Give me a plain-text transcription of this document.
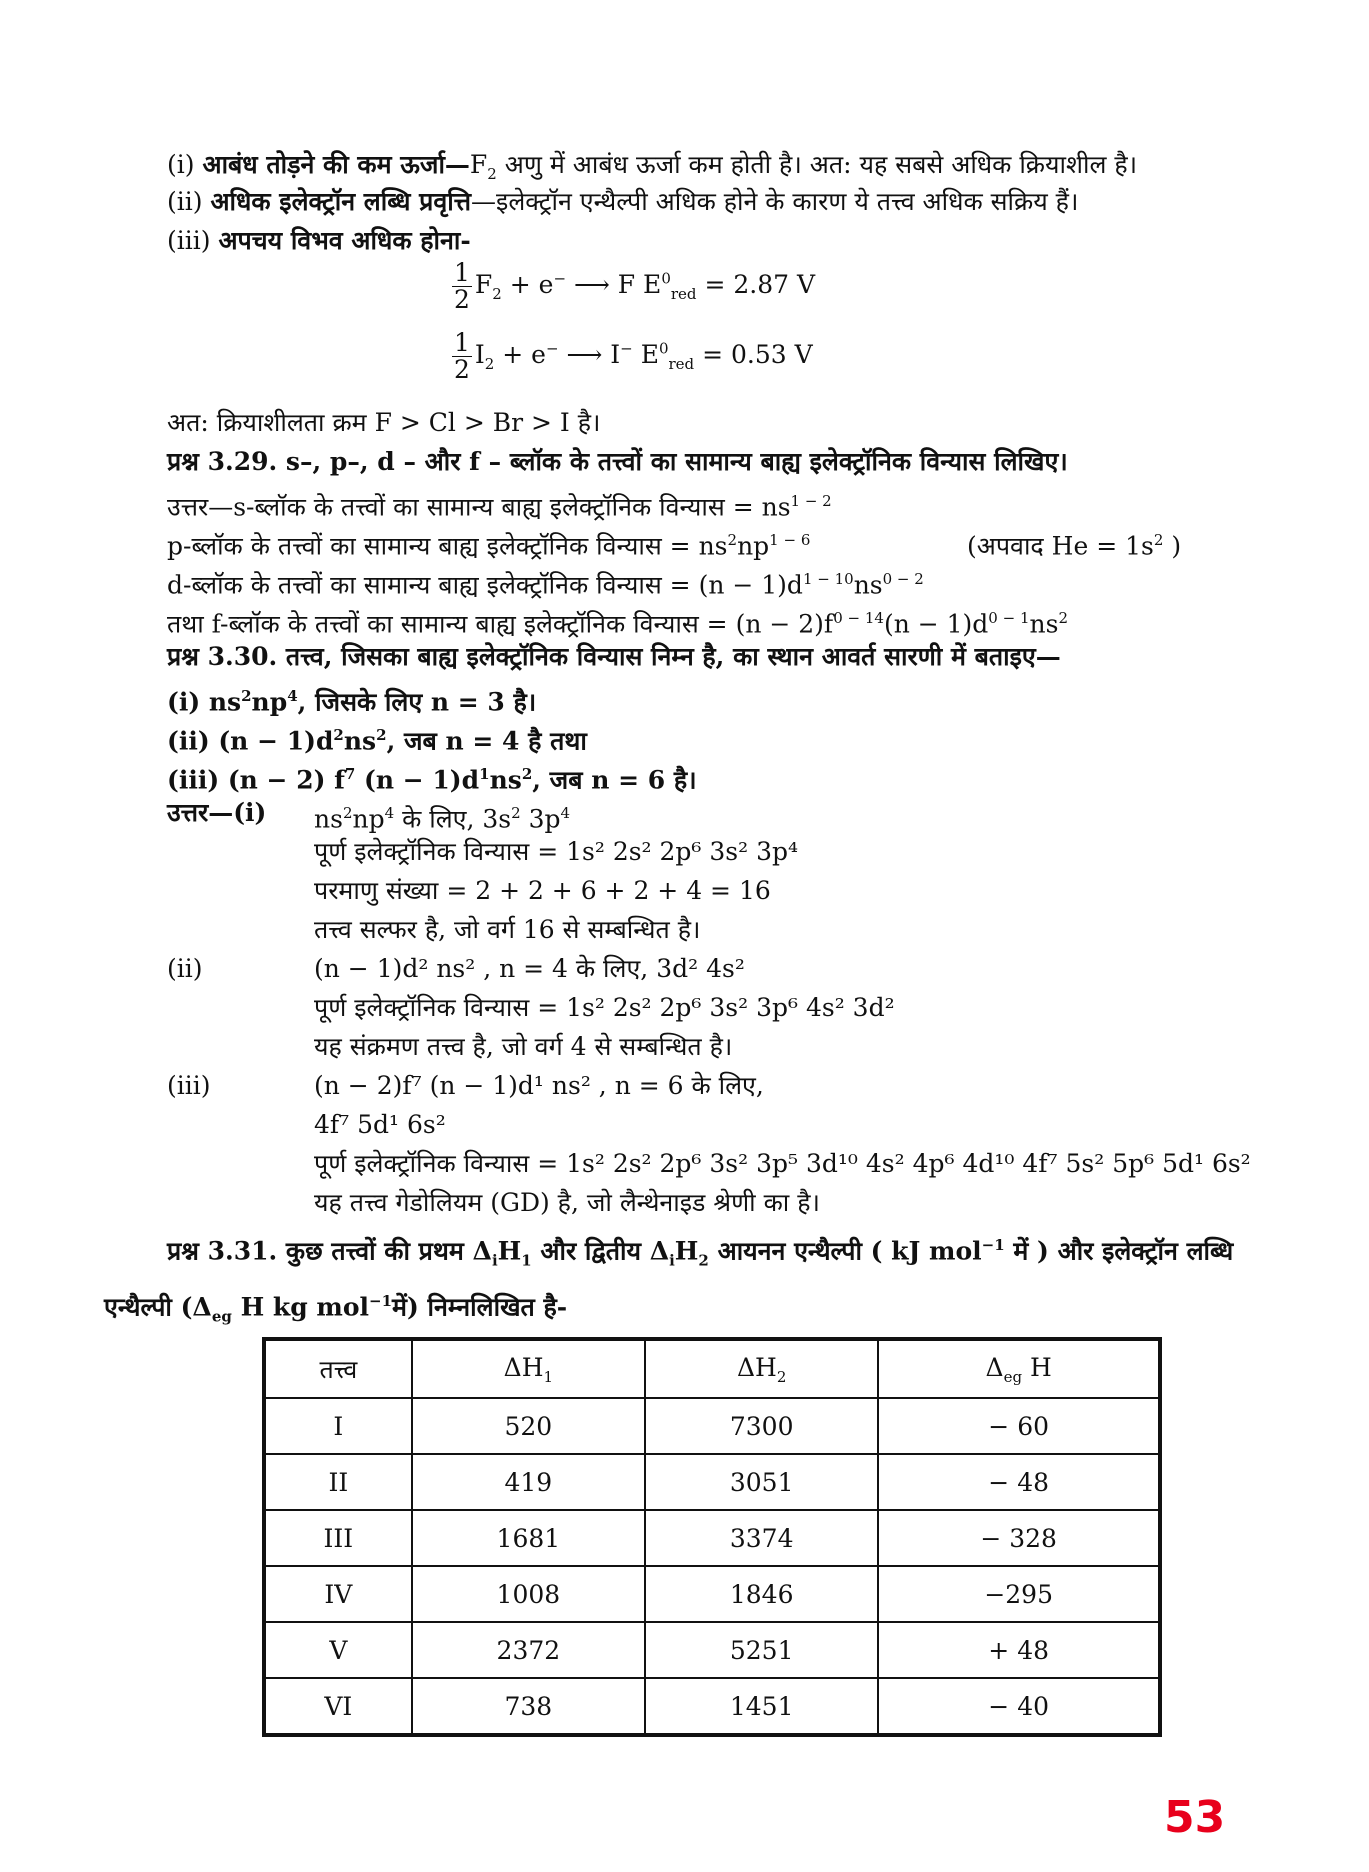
(i) आबंध तोड़ने की कम $ऊर्जा—F_2$ अणु में आबंध ऊर्जा कम होती है। अत: यह सबसे अधिक क्रियाशील है।
(ii) अधिक इलेक्ट्रॉन लब्धि प्रवृत्ति—इलेक्ट्रॉन एन्थैल्पी अधिक होने के कारण ये तत्त्व अधिक सक्रिय हैं।
(iii) अपचय विभव अधिक होना-
$\frac{1}{2} F_2 + e^-$ ⟶ F $E^0_{red} = 2.87$ V
$\frac{1}{2} I_2 + e^-$ ⟶ I− $E^0_{red} = 0.53$ V
अत: क्रियाशीलता क्रम F > Cl > Br > I है।
प्रश्न 3.29. s–, p–, d – और f – ब्लॉक के तत्त्वों का सामान्य बाह्य इलेक्ट्रॉनिक विन्यास लिखिए।
उत्तर—s-ब्लॉक के तत्त्वों का सामान्य बाह्य इलेक्ट्रॉनिक विन्यास = $ns^{1 - 2}$
p-ब्लॉक के तत्त्वों का सामान्य बाह्य इलेक्ट्रॉनिक विन्यास = $ns^2np^{1 - 6}$	(अपवाद $He = 1s^2$ )
d-ब्लॉक के तत्त्वों का सामान्य बाह्य इलेक्ट्रॉनिक विन्यास = $(n - 1)d^{1 - 10}ns^{0 - 2}$
तथा f-ब्लॉक के तत्त्वों का सामान्य बाह्य इलेक्ट्रॉनिक विन्यास = $(n - 2)f^{0 - 14}(n - 1)d^{0 - 1}ns^2$
प्रश्न 3.30. तत्त्व, जिसका बाह्य इलेक्ट्रॉनिक विन्यास निम्न है, का स्थान आवर्त सारणी में बताइए—
(i) $ns^2np^4$, जिसके लिए n = 3 है।
(ii) $(n - 1)d^2ns^2$, जब n = 4 है तथा
(iii) (n − 2) $f^7$ $(n - 1)d^1ns^2$, जब n = 6 है।
उत्तर—(i) $ns^2np^4$ के लिए, $3s^2$ $3p^4$
पूर्ण इलेक्ट्रॉनिक विन्यास = 1s² 2s² 2p⁶ 3s² 3p⁴
परमाणु संख्या = 2 + 2 + 6 + 2 + 4 = 16
तत्त्व सल्फर है, जो वर्ग 16 से सम्बन्धित है।
(ii)	(n − 1)d² ns² , n = 4 के लिए, 3d² 4s²
पूर्ण इलेक्ट्रॉनिक विन्यास = 1s² 2s² 2p⁶ 3s² 3p⁶ 4s² 3d²
यह संक्रमण तत्त्व है, जो वर्ग 4 से सम्बन्धित है।
(iii)	(n − 2)f⁷ (n − 1)d¹ ns² , n = 6 के लिए,
4f⁷ 5d¹ 6s²
पूर्ण इलेक्ट्रॉनिक विन्यास = 1s² 2s² 2p⁶ 3s² 3p⁵ 3d¹⁰ 4s² 4p⁶ 4d¹⁰ 4f⁷ 5s² 5p⁶ 5d¹ 6s²
यह तत्त्व गेडोलियम (GD) है, जो लैन्थेनाइड श्रेणी का है।
प्रश्न 3.31. कुछ तत्त्वों की प्रथम $\Delta_iH_1$ और द्वितीय $\Delta_iH_2$ आयनन एन्थैल्पी ( kJ mol$^{-1}$ में ) और इलेक्ट्रॉन लब्धि
एन्थैल्पी ($\Delta_{eg}$ H kg mol$^{-1}$में) निम्नलिखित है-
तत्त्व	$\Delta H_1$	$\Delta H_2$	$\Delta_{eg}$ H
I	520	7300	− 60
II	419	3051	− 48
III	1681	3374	− 328
IV	1008	1846	−295
V	2372	5251	+ 48
VI	738	1451	− 40
53
